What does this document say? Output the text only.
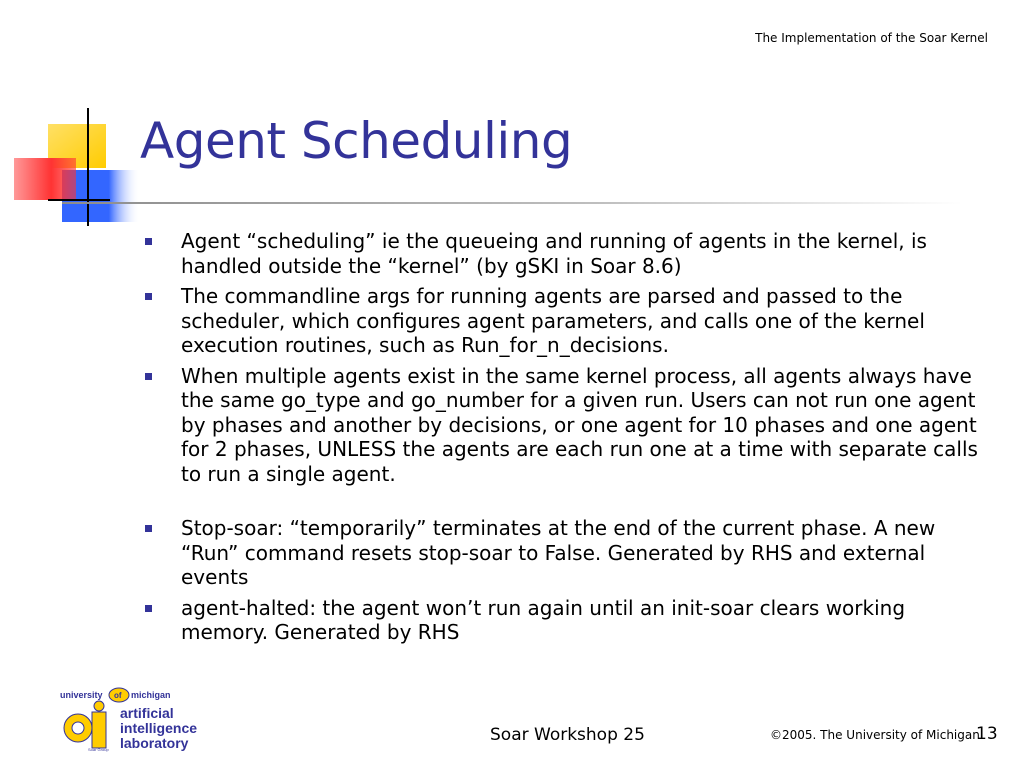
The Implementation of the Soar Kernel
Agent Scheduling
Agent “scheduling” ie the queueing and running of agents in the kernel, is handled outside the “kernel” (by gSKI in Soar 8.6)
The commandline args for running agents are parsed and passed to the scheduler, which configures agent parameters, and calls one of the kernel execution routines, such as Run_for_n_decisions.
When multiple agents exist in the same kernel process, all agents always have the same go_type and go_number for a given run. Users can not run one agent by phases and another by decisions, or one agent for 10 phases and one agent for 2 phases, UNLESS the agents are each run one at a time with separate calls to run a single agent.
Stop-soar: “temporarily” terminates at the end of the current phase. A new “Run” command resets stop-soar to False. Generated by RHS and external events
agent-halted: the agent won’t run again until an init-soar clears working memory. Generated by RHS
university of michigan
Soar Group
artificial
intelligence
laboratory	Soar Workshop 25	©2005. The University of Michigan
13
